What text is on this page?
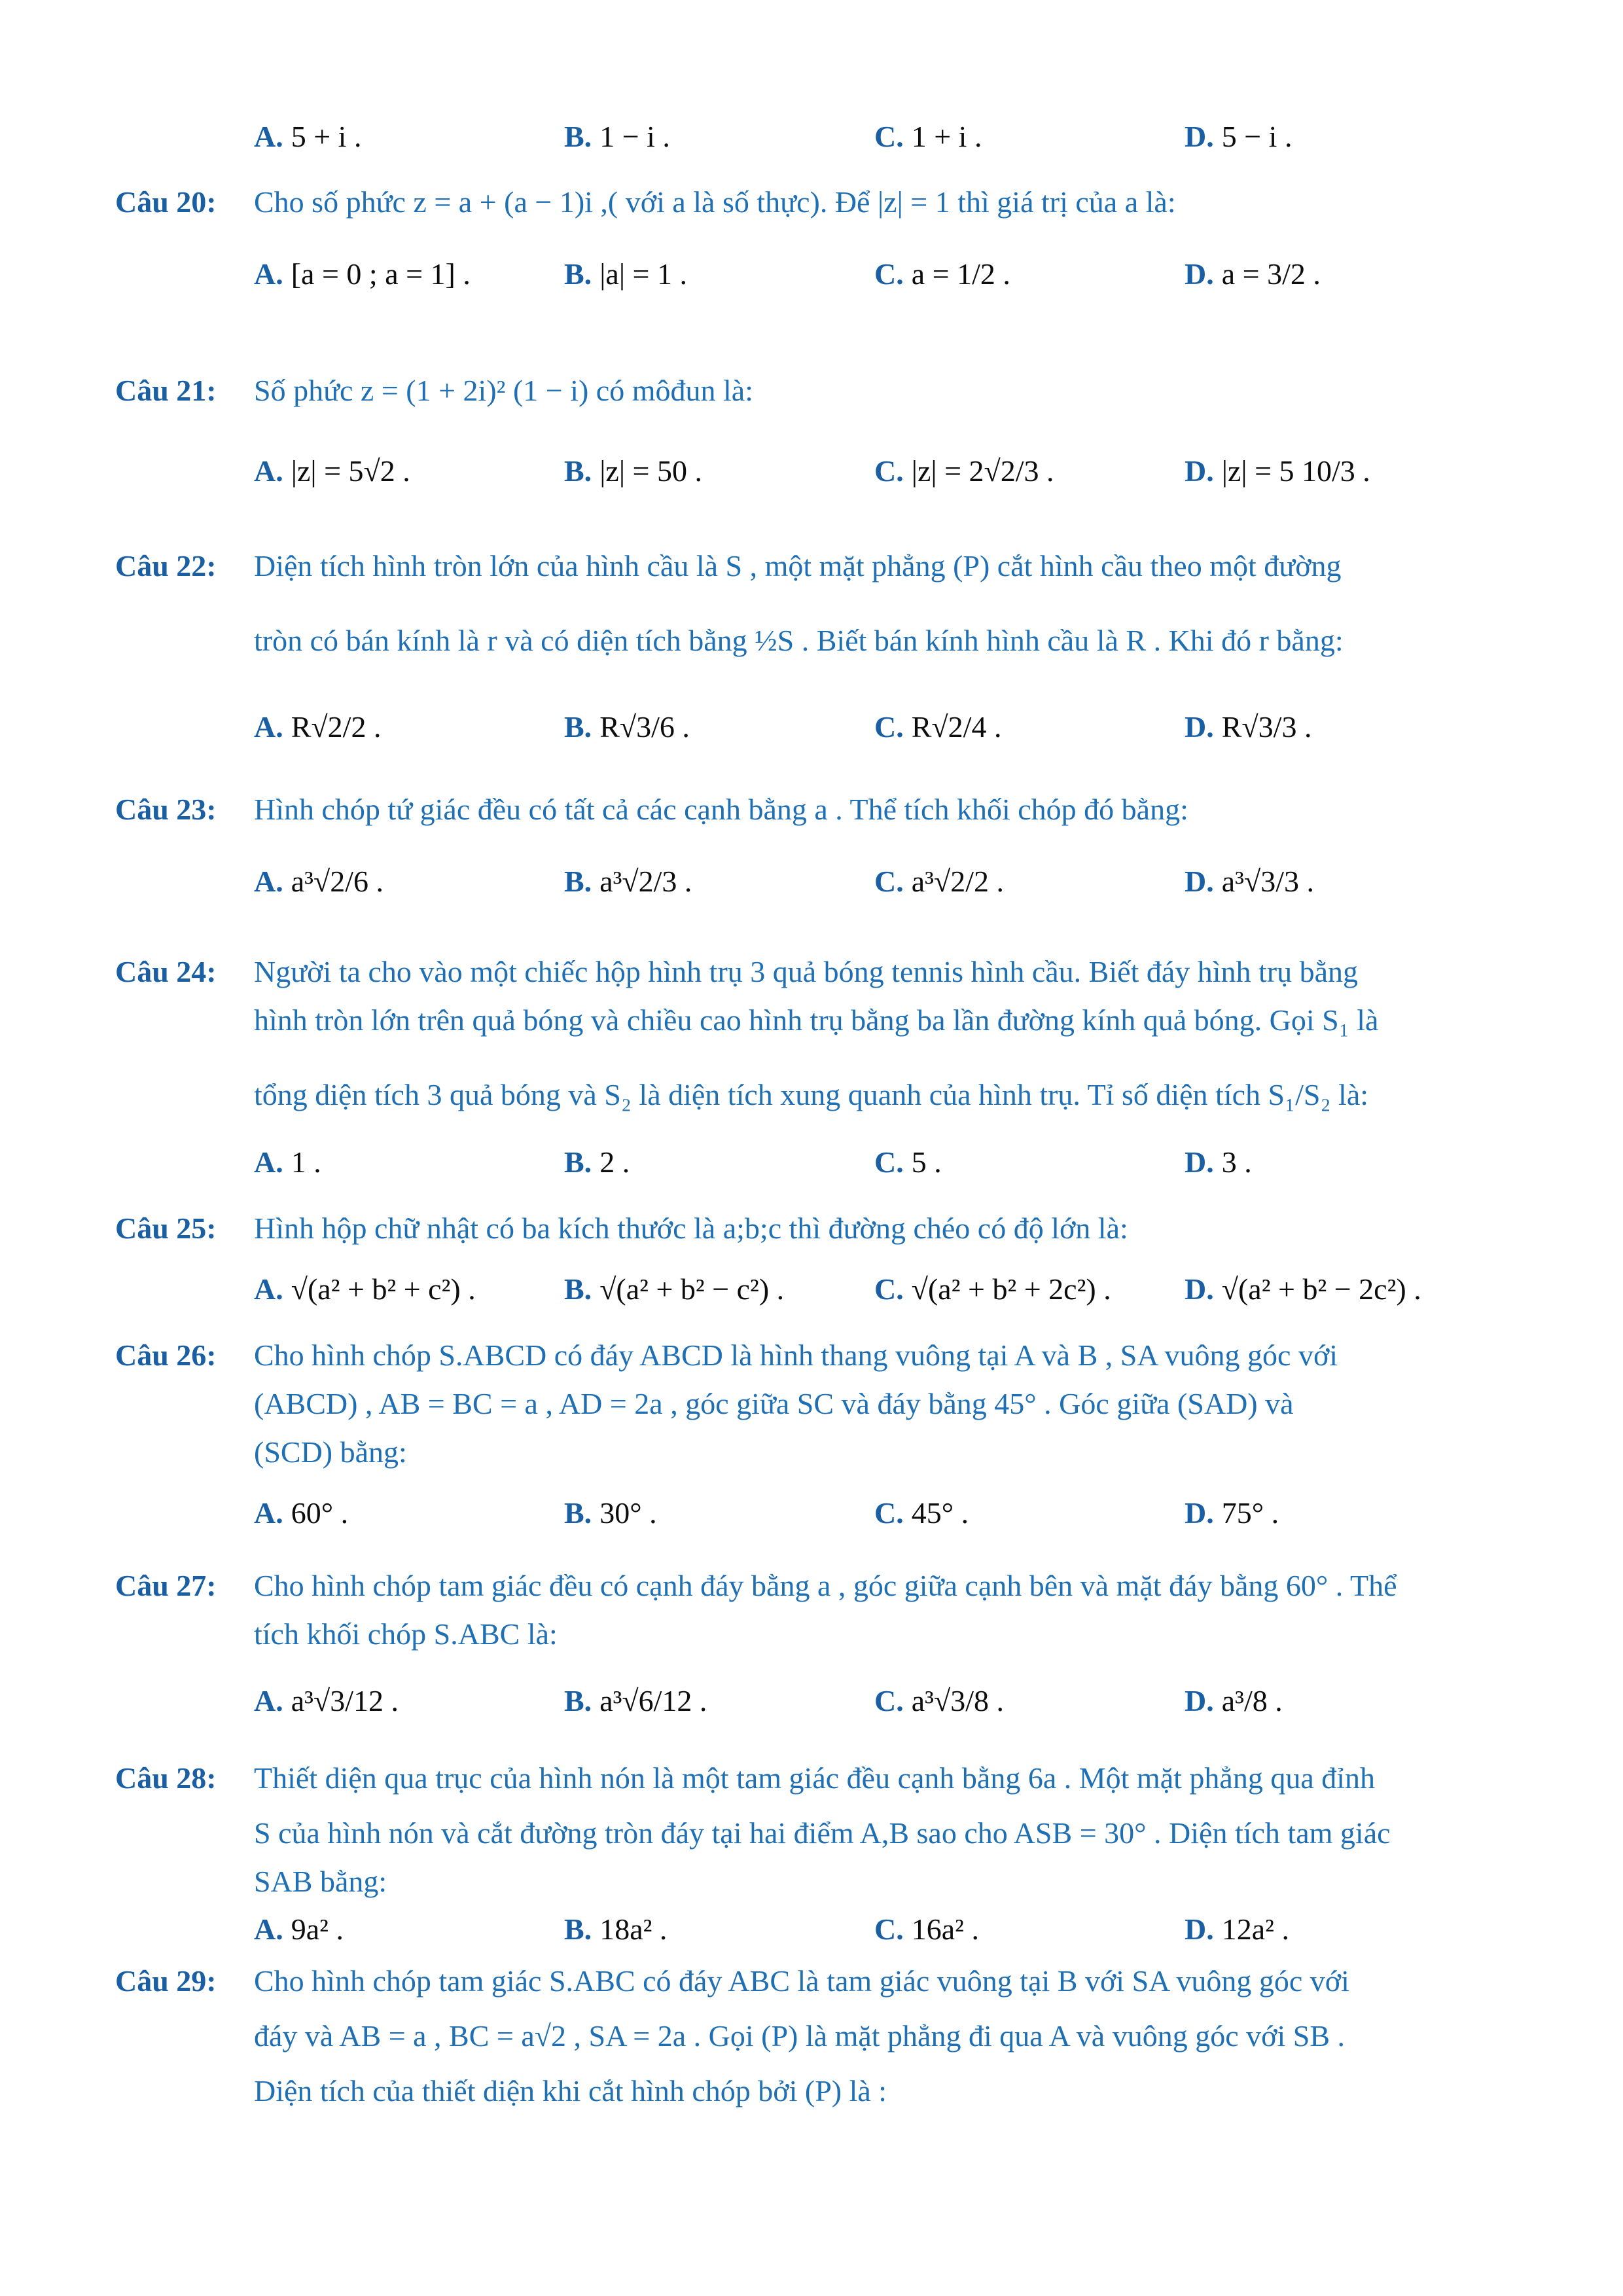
A. 5 + i .	B. 1 − i .	C. 1 + i .	D. 5 − i .
Câu 20:	Cho số phức z = a + (a − 1)i ,( với a là số thực). Để |z| = 1 thì giá trị của a là:
A. [a = 0 ; a = 1] .	B. |a| = 1 .	C. a = 1/2 .	D. a = 3/2 .
Câu 21:	Số phức z = (1 + 2i)² (1 − i) có môđun là:
A. |z| = 5√2 .	B. |z| = 50 .	C. |z| = 2√2/3 .	D. |z| = 5 10/3 .
Câu 22:	Diện tích hình tròn lớn của hình cầu là S , một mặt phẳng (P) cắt hình cầu theo một đường
tròn có bán kính là r và có diện tích bằng ½S . Biết bán kính hình cầu là R . Khi đó r bằng:
A. R√2/2 .	B. R√3/6 .	C. R√2/4 .	D. R√3/3 .
Câu 23:	Hình chóp tứ giác đều có tất cả các cạnh bằng a . Thể tích khối chóp đó bằng:
A. a³√2/6 .	B. a³√2/3 .	C. a³√2/2 .	D. a³√3/3 .
Câu 24:	Người ta cho vào một chiếc hộp hình trụ 3 quả bóng tennis hình cầu. Biết đáy hình trụ bằng
hình tròn lớn trên quả bóng và chiều cao hình trụ bằng ba lần đường kính quả bóng. Gọi S₁ là
tổng diện tích 3 quả bóng và S₂ là diện tích xung quanh của hình trụ. Tỉ số diện tích S₁/S₂ là:
A. 1 .	B. 2 .	C. 5 .	D. 3 .
Câu 25:	Hình hộp chữ nhật có ba kích thước là a;b;c thì đường chéo có độ lớn là:
A. √(a² + b² + c²) .	B. √(a² + b² − c²) .	C. √(a² + b² + 2c²) . D. √(a² + b² − 2c²) .
Câu 26:	Cho hình chóp S.ABCD có đáy ABCD là hình thang vuông tại A và B , SA vuông góc với
(ABCD) , AB = BC = a , AD = 2a , góc giữa SC và đáy bằng 45° . Góc giữa (SAD) và
(SCD) bằng:
A. 60° .	B. 30° .	C. 45° .	D. 75° .
Câu 27:	Cho hình chóp tam giác đều có cạnh đáy bằng a , góc giữa cạnh bên và mặt đáy bằng 60° . Thể
tích khối chóp S.ABC là:
A. a³√3/12 .	B. a³√6/12 .	C. a³√3/8 .	D. a³/8 .
Câu 28:	Thiết diện qua trục của hình nón là một tam giác đều cạnh bằng 6a . Một mặt phẳng qua đỉnh
S của hình nón và cắt đường tròn đáy tại hai điểm A,B sao cho ASB = 30° . Diện tích tam giác
SAB bằng:
A. 9a² .	B. 18a² .	C. 16a² .	D. 12a² .
Câu 29:	Cho hình chóp tam giác S.ABC có đáy ABC là tam giác vuông tại B với SA vuông góc với
đáy và AB = a , BC = a√2 , SA = 2a . Gọi (P) là mặt phẳng đi qua A và vuông góc với SB .
Diện tích của thiết diện khi cắt hình chóp bởi (P) là :
